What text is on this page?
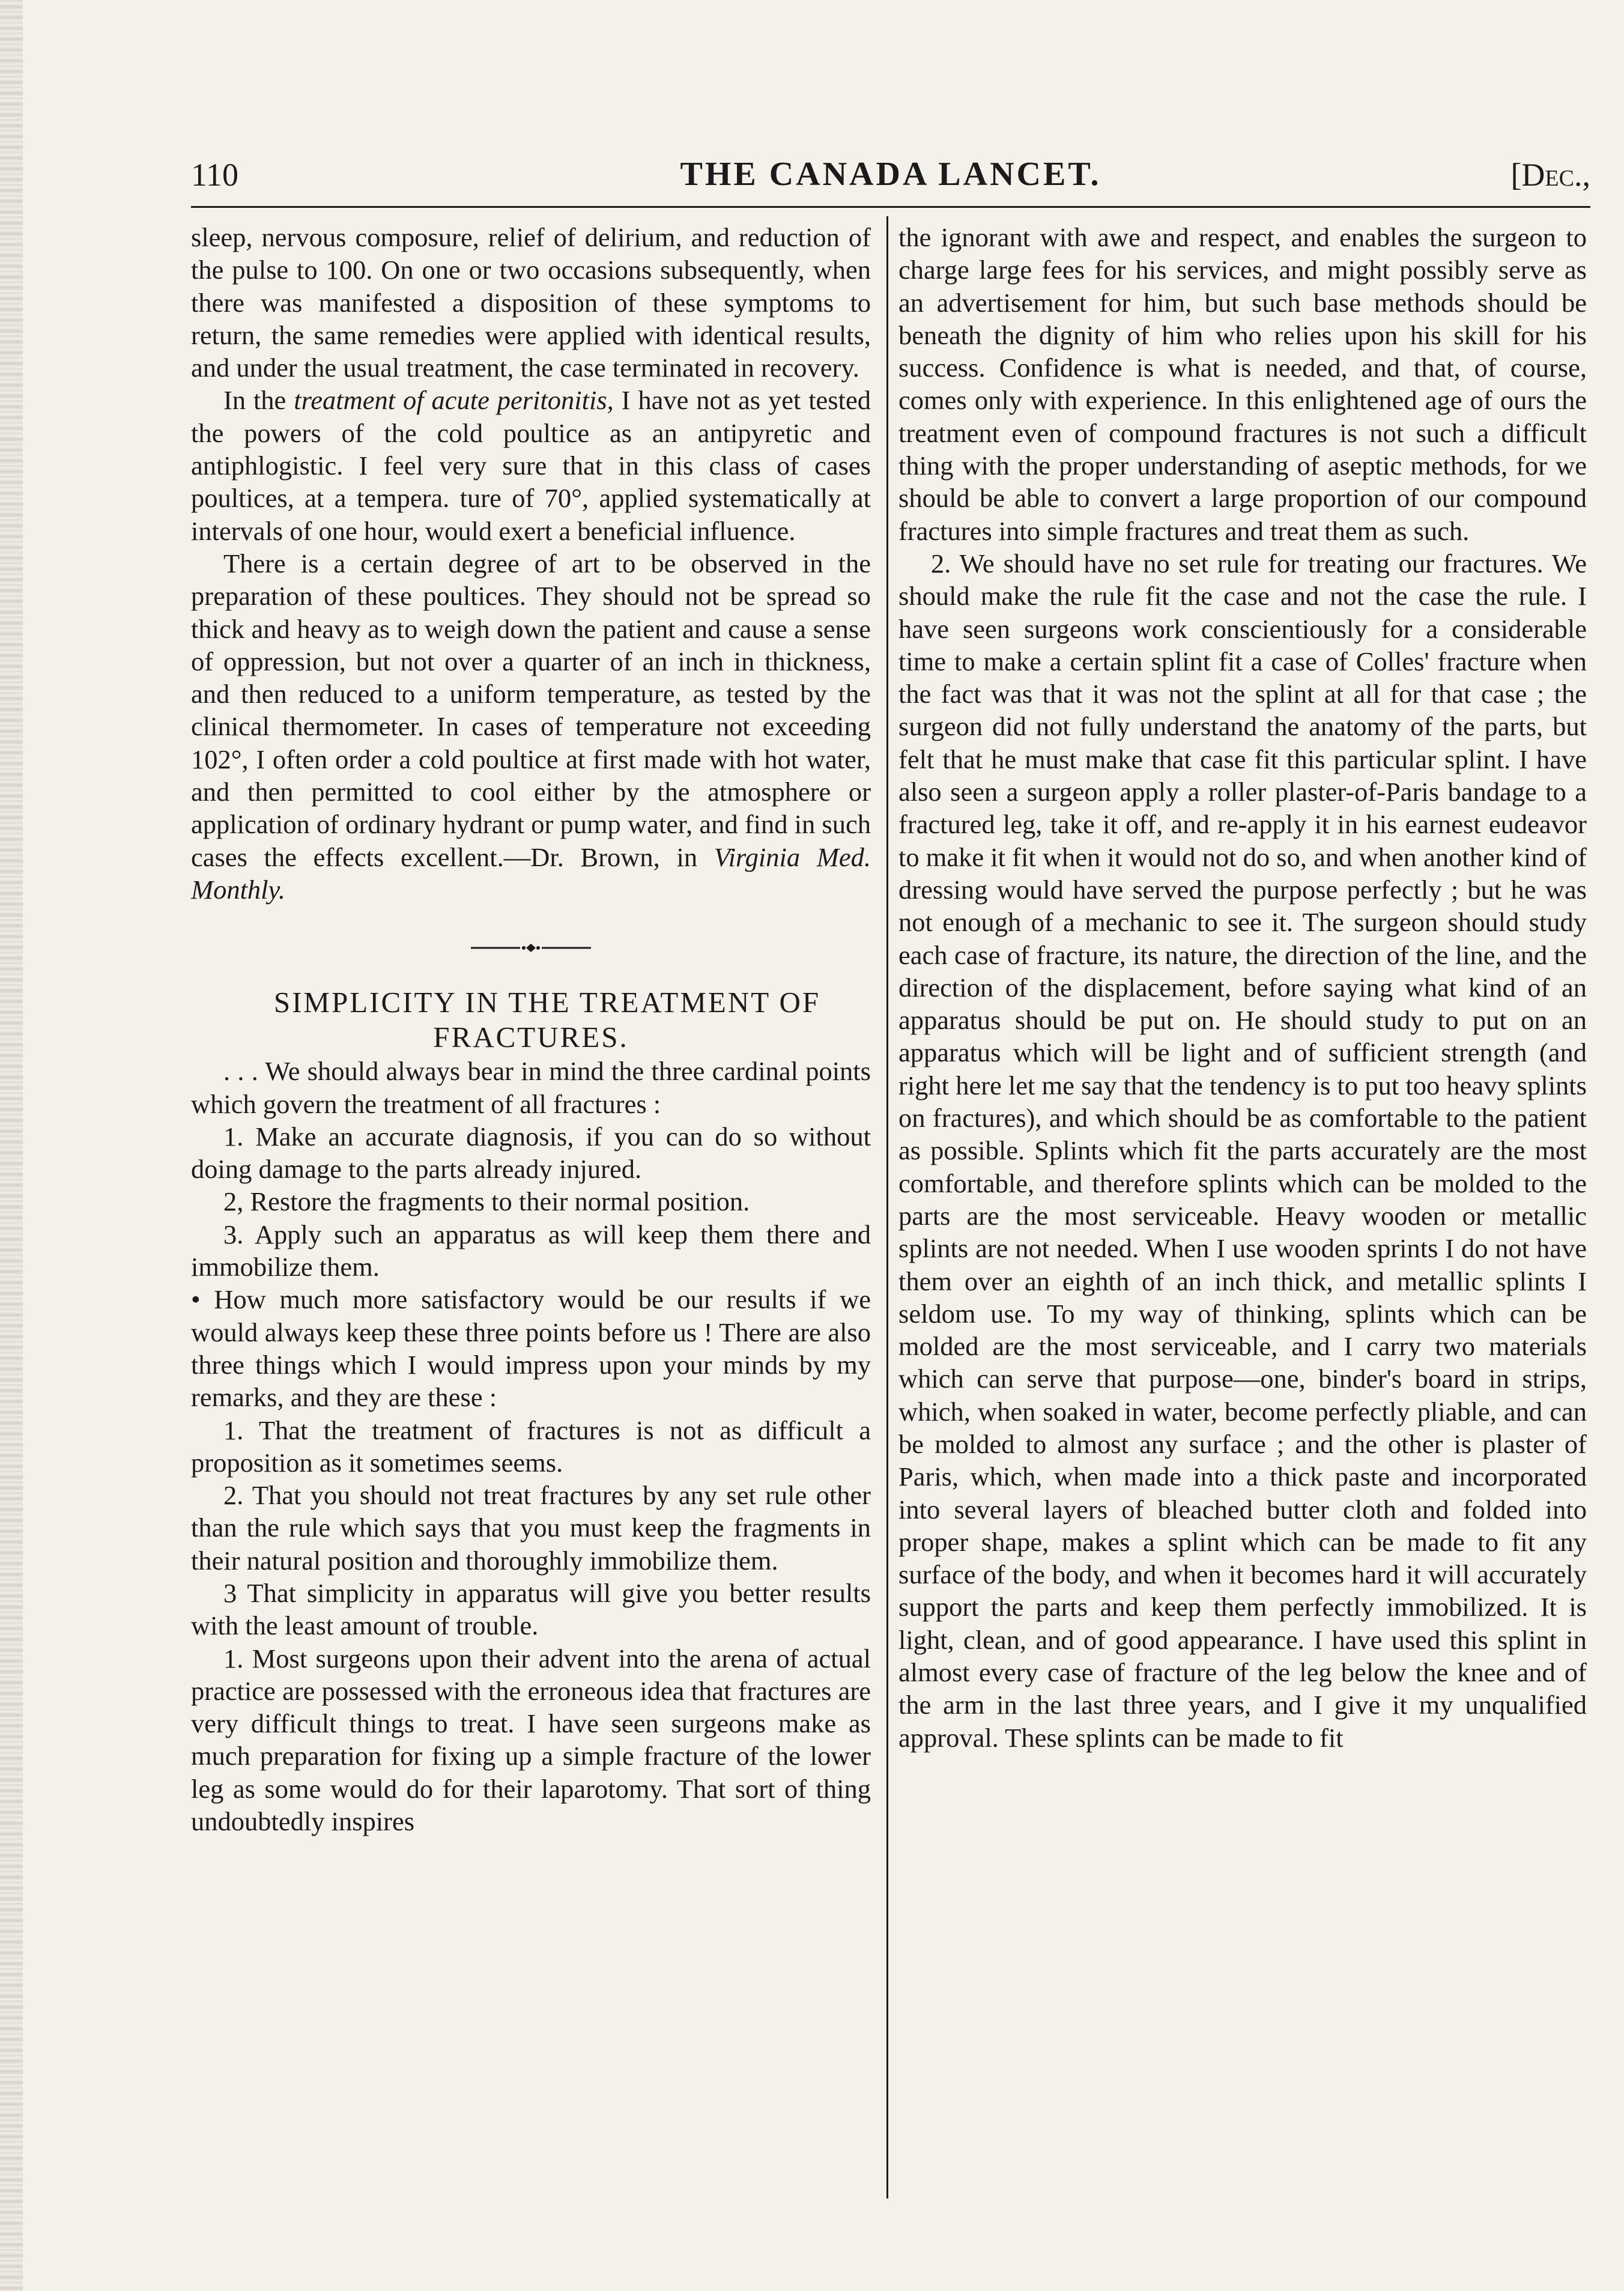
110	THE CANADA LANCET.	[Dec.,

sleep, nervous composure, relief of delirium, and reduction of the pulse to 100. On one or two occasions subsequently, when there was manifested a disposition of these symptoms to return, the same remedies were applied with identical results, and under the usual treatment, the case terminated in recovery.

In the treatment of acute peritonitis, I have not as yet tested the powers of the cold poultice as an antipyretic and antiphlogistic. I feel very sure that in this class of cases poultices, at a tempera. ture of 70°, applied systematically at intervals of one hour, would exert a beneficial influence.

There is a certain degree of art to be observed in the preparation of these poultices. They should not be spread so thick and heavy as to weigh down the patient and cause a sense of oppression, but not over a quarter of an inch in thickness, and then reduced to a uniform temperature, as tested by the clinical thermometer. In cases of temperature not exceeding 102°, I often order a cold poultice at first made with hot water, and then permitted to cool either by the atmosphere or application of ordinary hydrant or pump water, and find in such cases the effects excellent.—Dr. Brown, in Virginia Med. Monthly.

SIMPLICITY IN THE TREATMENT OF
FRACTURES.

. . . We should always bear in mind the three cardinal points which govern the treatment of all fractures :

1. Make an accurate diagnosis, if you can do so without doing damage to the parts already injured.

2, Restore the fragments to their normal position.

3. Apply such an apparatus as will keep them there and immobilize them.

• How much more satisfactory would be our results if we would always keep these three points before us ! There are also three things which I would impress upon your minds by my remarks, and they are these :

1. That the treatment of fractures is not as difficult a proposition as it sometimes seems.

2. That you should not treat fractures by any set rule other than the rule which says that you must keep the fragments in their natural position and thoroughly immobilize them.

3 That simplicity in apparatus will give you better results with the least amount of trouble.

1. Most surgeons upon their advent into the arena of actual practice are possessed with the erroneous idea that fractures are very difficult things to treat. I have seen surgeons make as much preparation for fixing up a simple fracture of the lower leg as some would do for their laparotomy. That sort of thing undoubtedly inspires

the ignorant with awe and respect, and enables the surgeon to charge large fees for his services, and might possibly serve as an advertisement for him, but such base methods should be beneath the dignity of him who relies upon his skill for his success. Confidence is what is needed, and that, of course, comes only with experience. In this enlightened age of ours the treatment even of compound fractures is not such a difficult thing with the proper understanding of aseptic methods, for we should be able to convert a large proportion of our compound fractures into simple fractures and treat them as such.

2. We should have no set rule for treating our fractures. We should make the rule fit the case and not the case the rule. I have seen surgeons work conscientiously for a considerable time to make a certain splint fit a case of Colles' fracture when the fact was that it was not the splint at all for that case ; the surgeon did not fully understand the anatomy of the parts, but felt that he must make that case fit this particular splint. I have also seen a surgeon apply a roller plaster-of-Paris bandage to a fractured leg, take it off, and re-apply it in his earnest eudeavor to make it fit when it would not do so, and when another kind of dressing would have served the purpose perfectly ; but he was not enough of a mechanic to see it. The surgeon should study each case of fracture, its nature, the direction of the line, and the direction of the displacement, before saying what kind of an apparatus should be put on. He should study to put on an apparatus which will be light and of sufficient strength (and right here let me say that the tendency is to put too heavy splints on fractures), and which should be as comfortable to the patient as possible. Splints which fit the parts accurately are the most comfortable, and therefore splints which can be molded to the parts are the most serviceable. Heavy wooden or metallic splints are not needed. When I use wooden sprints I do not have them over an eighth of an inch thick, and metallic splints I seldom use. To my way of thinking, splints which can be molded are the most serviceable, and I carry two materials which can serve that purpose—one, binder's board in strips, which, when soaked in water, become perfectly pliable, and can be molded to almost any surface ; and the other is plaster of Paris, which, when made into a thick paste and incorporated into several layers of bleached butter cloth and folded into proper shape, makes a splint which can be made to fit any surface of the body, and when it becomes hard it will accurately support the parts and keep them perfectly immobilized. It is light, clean, and of good appearance. I have used this splint in almost every case of fracture of the leg below the knee and of the arm in the last three years, and I give it my unqualified approval. These splints can be made to fit
